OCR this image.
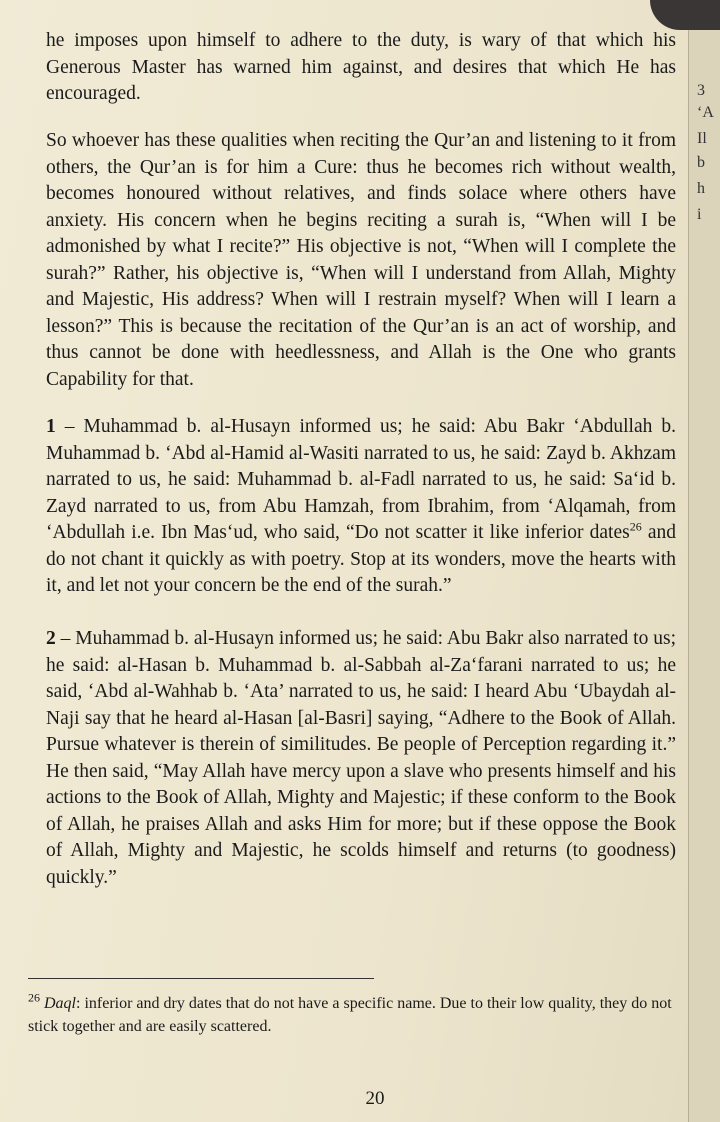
he imposes upon himself to adhere to the duty, is wary of that which his Generous Master has warned him against, and desires that which He has encouraged.

So whoever has these qualities when reciting the Qur’an and listening to it from others, the Qur’an is for him a Cure: thus he becomes rich without wealth, becomes honoured without relatives, and finds solace where others have anxiety. His concern when he begins reciting a surah is, “When will I be admonished by what I recite?” His objective is not, “When will I complete the surah?” Rather, his objective is, “When will I understand from Allah, Mighty and Majestic, His address? When will I restrain myself? When will I learn a lesson?” This is because the recitation of the Qur’an is an act of worship, and thus cannot be done with heedlessness, and Allah is the One who grants Capability for that.

1 – Muhammad b. al-Husayn informed us; he said: Abu Bakr ‘Abdullah b. Muhammad b. ‘Abd al-Hamid al-Wasiti narrated to us, he said: Zayd b. Akhzam narrated to us, he said: Muhammad b. al-Fadl narrated to us, he said: Sa‘id b. Zayd narrated to us, from Abu Hamzah, from Ibrahim, from ‘Alqamah, from ‘Abdullah i.e. Ibn Mas‘ud, who said, “Do not scatter it like inferior dates$^{26}$ and do not chant it quickly as with poetry. Stop at its wonders, move the hearts with it, and let not your concern be the end of the surah.”

2 – Muhammad b. al-Husayn informed us; he said: Abu Bakr also narrated to us; he said: al-Hasan b. Muhammad b. al-Sabbah al-Za‘farani narrated to us; he said, ‘Abd al-Wahhab b. ‘Ata’ narrated to us, he said: I heard Abu ‘Ubaydah al-Naji say that he heard al-Hasan [al-Basri] saying, “Adhere to the Book of Allah. Pursue whatever is therein of similitudes. Be people of Perception regarding it.” He then said, “May Allah have mercy upon a slave who presents himself and his actions to the Book of Allah, Mighty and Majestic; if these conform to the Book of Allah, he praises Allah and asks Him for more; but if these oppose the Book of Allah, Mighty and Majestic, he scolds himself and returns (to goodness) quickly.”

$^{26}$ Daql: inferior and dry dates that do not have a specific name. Due to their low quality, they do not stick together and are easily scattered.

20
3
‘A
Il
b
h
i
